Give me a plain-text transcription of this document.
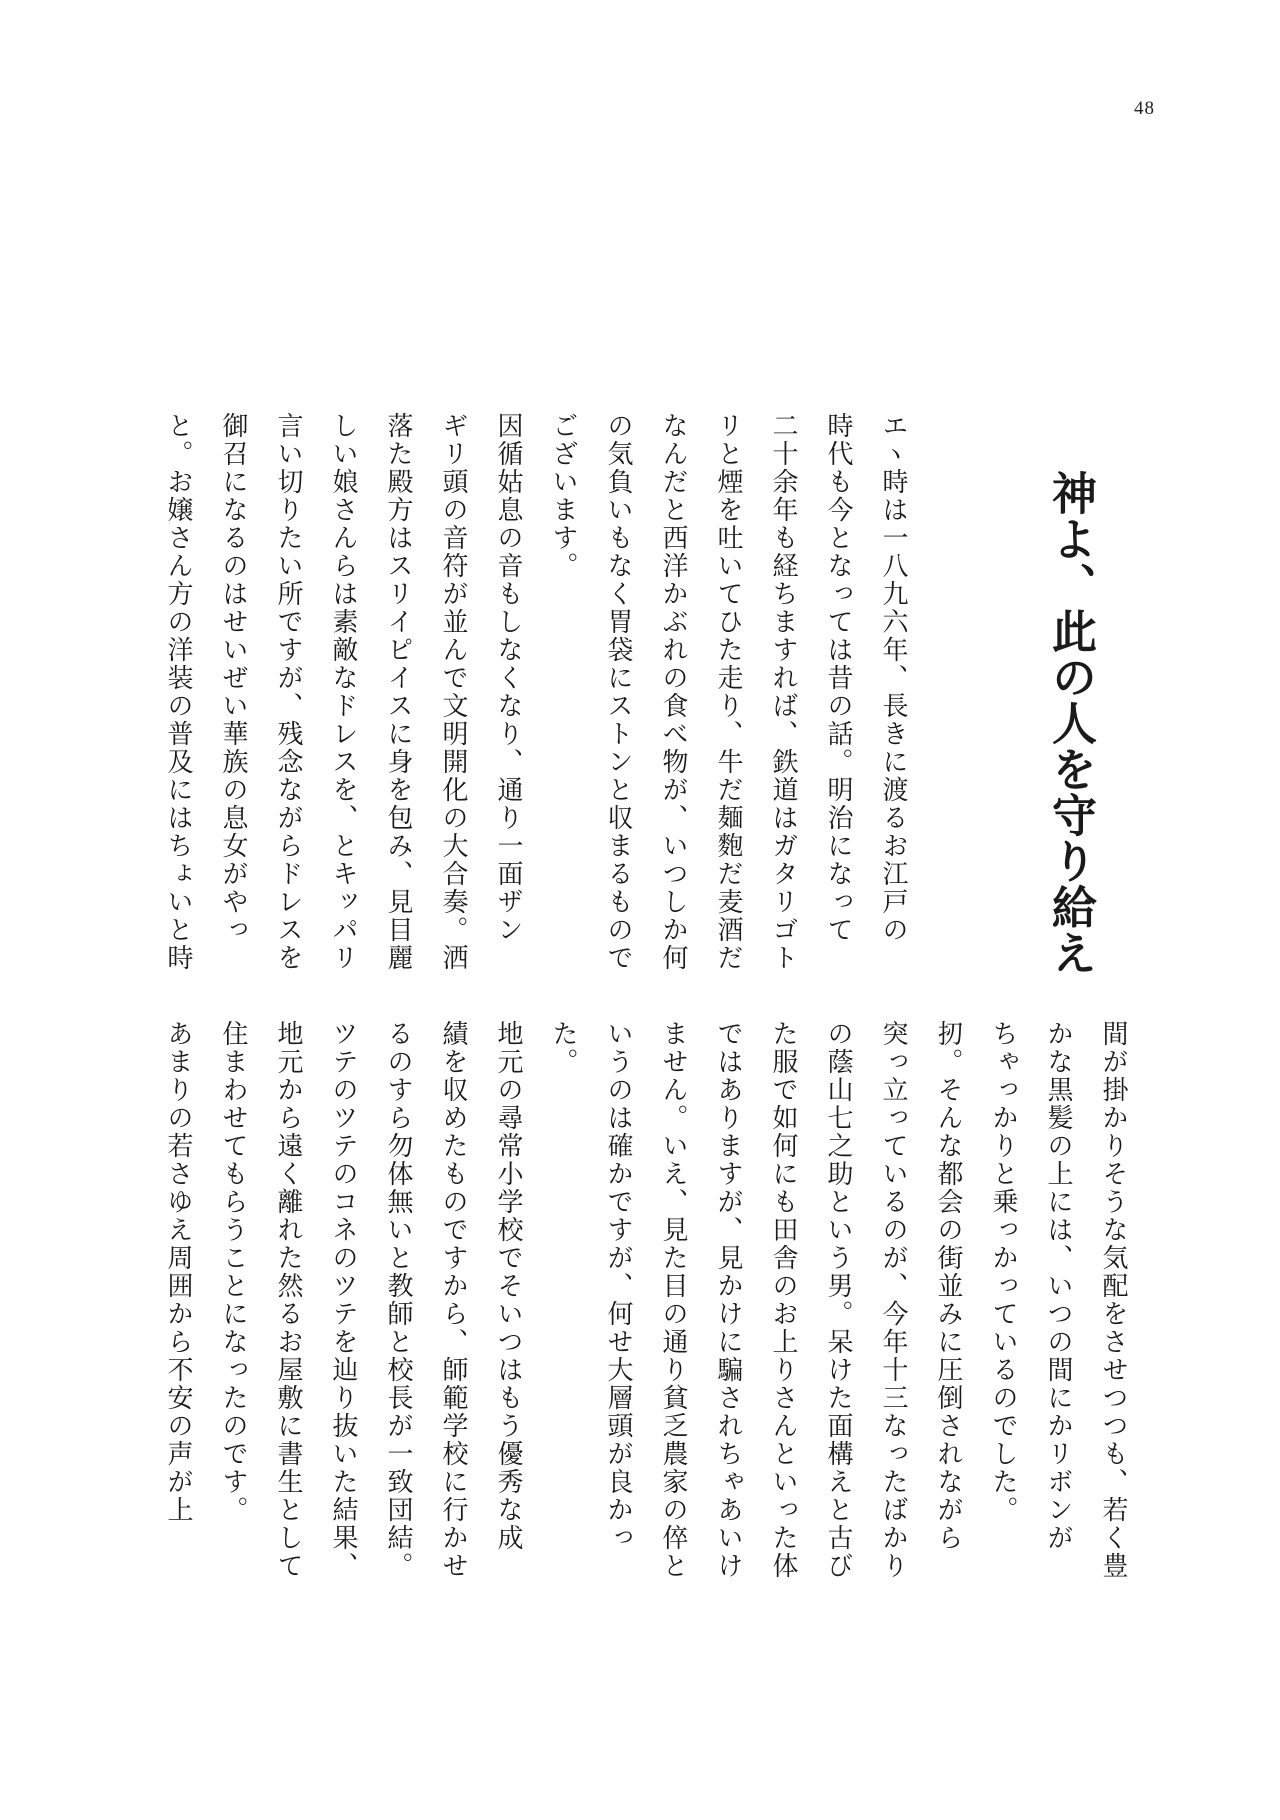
48
神よ、此の人を守り給え
エヽ時は一八九六年、長きに渡るお江戸の
時代も今となっては昔の話。明治になって
二十余年も経ちますれば、鉄道はガタリゴト
リと煙を吐いてひた走り、牛だ麺麭だ麦酒だ
なんだと西洋かぶれの食べ物が、いつしか何
の気負いもなく胃袋にストンと収まるもので
ございます。
因循姑息の音もしなくなり、通り一面ザン
ギリ頭の音符が並んで文明開化の大合奏。洒
落た殿方はスリイピイスに身を包み、見目麗
しい娘さんらは素敵なドレスを、とキッパリ
言い切りたい所ですが、残念ながらドレスを
御召になるのはせいぜい華族の息女がやっ
と。お嬢さん方の洋装の普及にはちょいと時
間が掛かりそうな気配をさせつつも、若く豊
かな黒髪の上には、いつの間にかリボンが
ちゃっかりと乗っかっているのでした。
扨。そんな都会の街並みに圧倒されながら
突っ立っているのが、今年十三なったばかり
の蔭山七之助という男。呆けた面構えと古び
た服で如何にも田舎のお上りさんといった体
ではありますが、見かけに騙されちゃあいけ
ません。いえ、見た目の通り貧乏農家の倅と
いうのは確かですが、何せ大層頭が良かっ
た。
地元の尋常小学校でそいつはもう優秀な成
績を収めたものですから、師範学校に行かせ
るのすら勿体無いと教師と校長が一致団結。
ツテのツテのコネのツテを辿り抜いた結果、
地元から遠く離れた然るお屋敷に書生として
住まわせてもらうことになったのです。
あまりの若さゆえ周囲から不安の声が上
